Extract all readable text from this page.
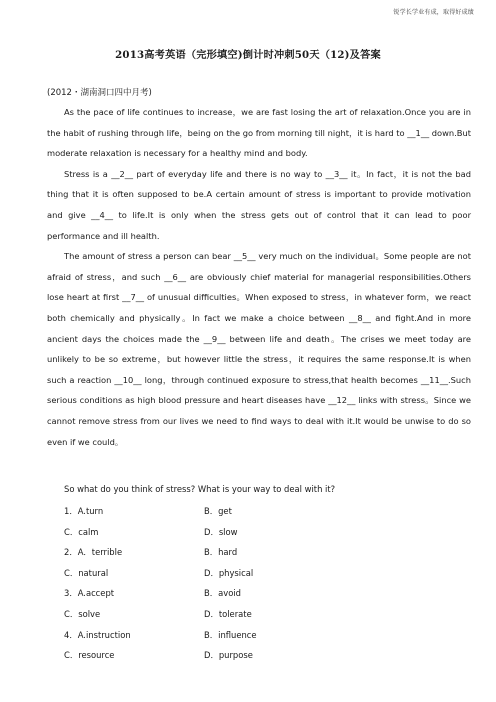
锐学长学业有成，取得好成绩
2013高考英语（完形填空)倒计时冲刺50天（12)及答案
(2012・湖南洞口四中月考)

As the pace of life continues to increase，we are fast losing the art of relaxation.Once you are in the habit of rushing through life，being on the go from morning till night，it is hard to __1__ down.But moderate relaxation is necessary for a healthy mind and body.

Stress is a __2__ part of everyday life and there is no way to __3__ it。In fact，it is not the bad thing that it is often supposed to be.A certain amount of stress is important to provide motivation and give __4__ to life.It is only when the stress gets out of control that it can lead to poor performance and ill health.

The amount of stress a person can bear __5__ very much on the individual。Some people are not afraid of stress，and such __6__ are obviously chief material for managerial responsibilities.Others lose heart at first __7__ of unusual difficulties。When exposed to stress，in whatever form，we react both chemically and physically。In fact we make a choice between __8__ and fight.And in more ancient days the choices made the __9__ between life and death。The crises we meet today are unlikely to be so extreme，but however little the stress，it requires the same response.It is when such a reaction __10__ long，through continued exposure to stress,that health becomes __11__.Such serious conditions as high blood pressure and heart diseases have __12__ links with stress。Since we cannot remove stress from our lives we need to find ways to deal with it.It would be unwise to do so even if we could。

So what do you think of stress? What is your way to deal with it?
1．A.turn	B．get
C．calm	D．slow
2．A．terrible	B．hard
C．natural	D．physical
3．A.accept	B．avoid
C．solve	D．tolerate
4．A.instruction	B．influence
C．resource	D．purpose
